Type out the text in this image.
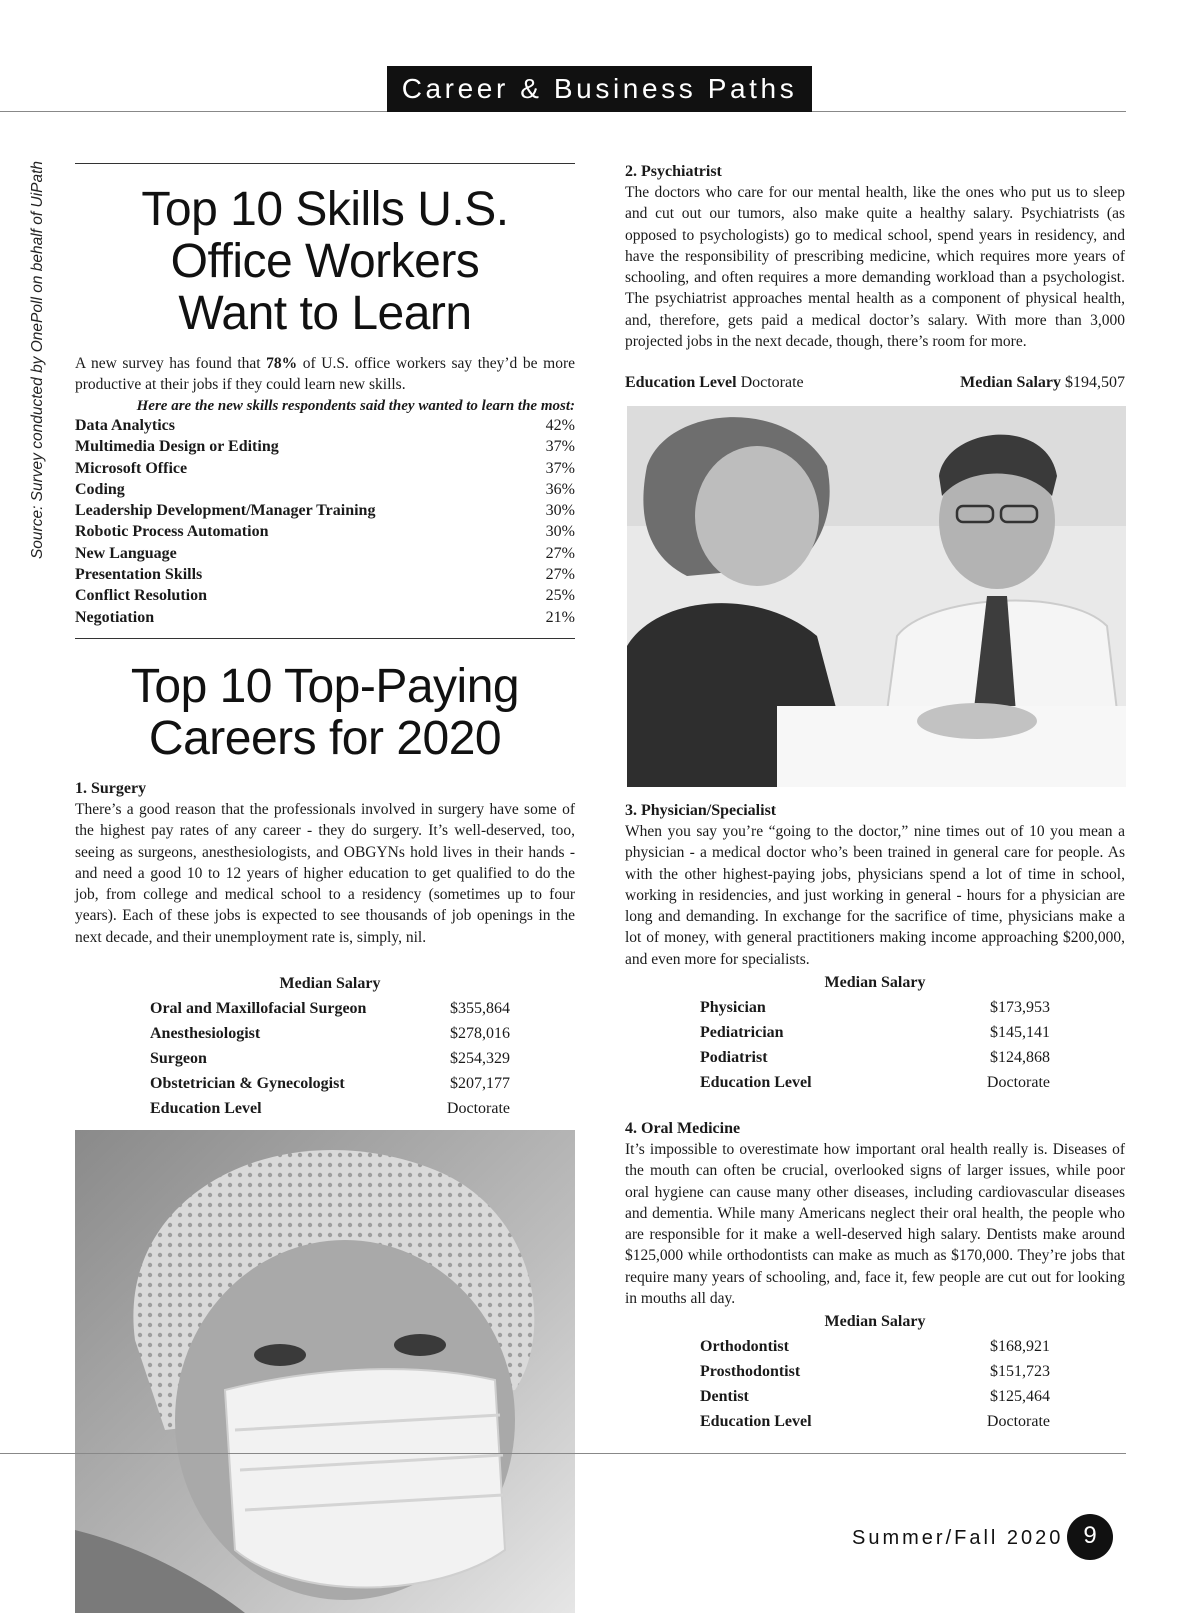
Career & Business Paths
Source: Survey conducted by OnePoll on behalf of UiPath	Top 10 Skills U.S.
Office Workers
Want to Learn
A new survey has found that 78% of U.S. office workers say they’d be more productive at their jobs if they could learn new skills.
Here are the new skills respondents said they wanted to learn the most:
Data Analytics	42%
Multimedia Design or Editing	37%
Microsoft Office	37%
Coding	36%
Leadership Development/Manager Training	30%
Robotic Process Automation	30%
New Language	27%
Presentation Skills	27%
Conflict Resolution	25%
Negotiation	21%
Top 10 Top-Paying
Careers for 2020
1. Surgery
There’s a good reason that the professionals involved in surgery have some of the highest pay rates of any career - they do surgery. It’s well-deserved, too, seeing as surgeons, anesthesiologists, and OBGYNs hold lives in their hands - and need a good 10 to 12 years of higher education to get qualified to do the job, from college and medical school to a residency (sometimes up to four years). Each of these jobs is expected to see thousands of job openings in the next decade, and their unemployment rate is, simply, nil.
Median Salary
Oral and Maxillofacial Surgeon	$355,864
Anesthesiologist	$278,016
Surgeon	$254,329
Obstetrician & Gynecologist	$207,177
Education Level	Doctorate
2. Psychiatrist
The doctors who care for our mental health, like the ones who put us to sleep and cut out our tumors, also make quite a healthy salary. Psychiatrists (as opposed to psychologists) go to medical school, spend years in residency, and have the responsibility of prescribing medicine, which requires more years of schooling, and often requires a more demanding workload than a psychologist. The psychiatrist approaches mental health as a component of physical health, and, therefore, gets paid a medical doctor’s salary. With more than 3,000 projected jobs in the next decade, though, there’s room for more.
Education Level Doctorate	Median Salary $194,507
3. Physician/Specialist
When you say you’re “going to the doctor,” nine times out of 10 you mean a physician - a medical doctor who’s been trained in general care for people. As with the other highest-paying jobs, physicians spend a lot of time in school, working in residencies, and just working in general - hours for a physician are long and demanding. In exchange for the sacrifice of time, physicians make a lot of money, with general practitioners making income approaching $200,000, and even more for specialists.
Median Salary
Physician	$173,953
Pediatrician	$145,141
Podiatrist	$124,868
Education Level	Doctorate
4. Oral Medicine
It’s impossible to overestimate how important oral health really is. Diseases of the mouth can often be crucial, overlooked signs of larger issues, while poor oral hygiene can cause many other diseases, including cardiovascular diseases and dementia. While many Americans neglect their oral health, the people who are responsible for it make a well-deserved high salary. Dentists make around $125,000 while orthodontists can make as much as $170,000. They’re jobs that require many years of schooling, and, face it, few people are cut out for looking in mouths all day.
Median Salary
Orthodontist	$168,921
Prosthodontist	$151,723
Dentist	$125,464
Education Level	Doctorate
Summer/Fall 2020 9
